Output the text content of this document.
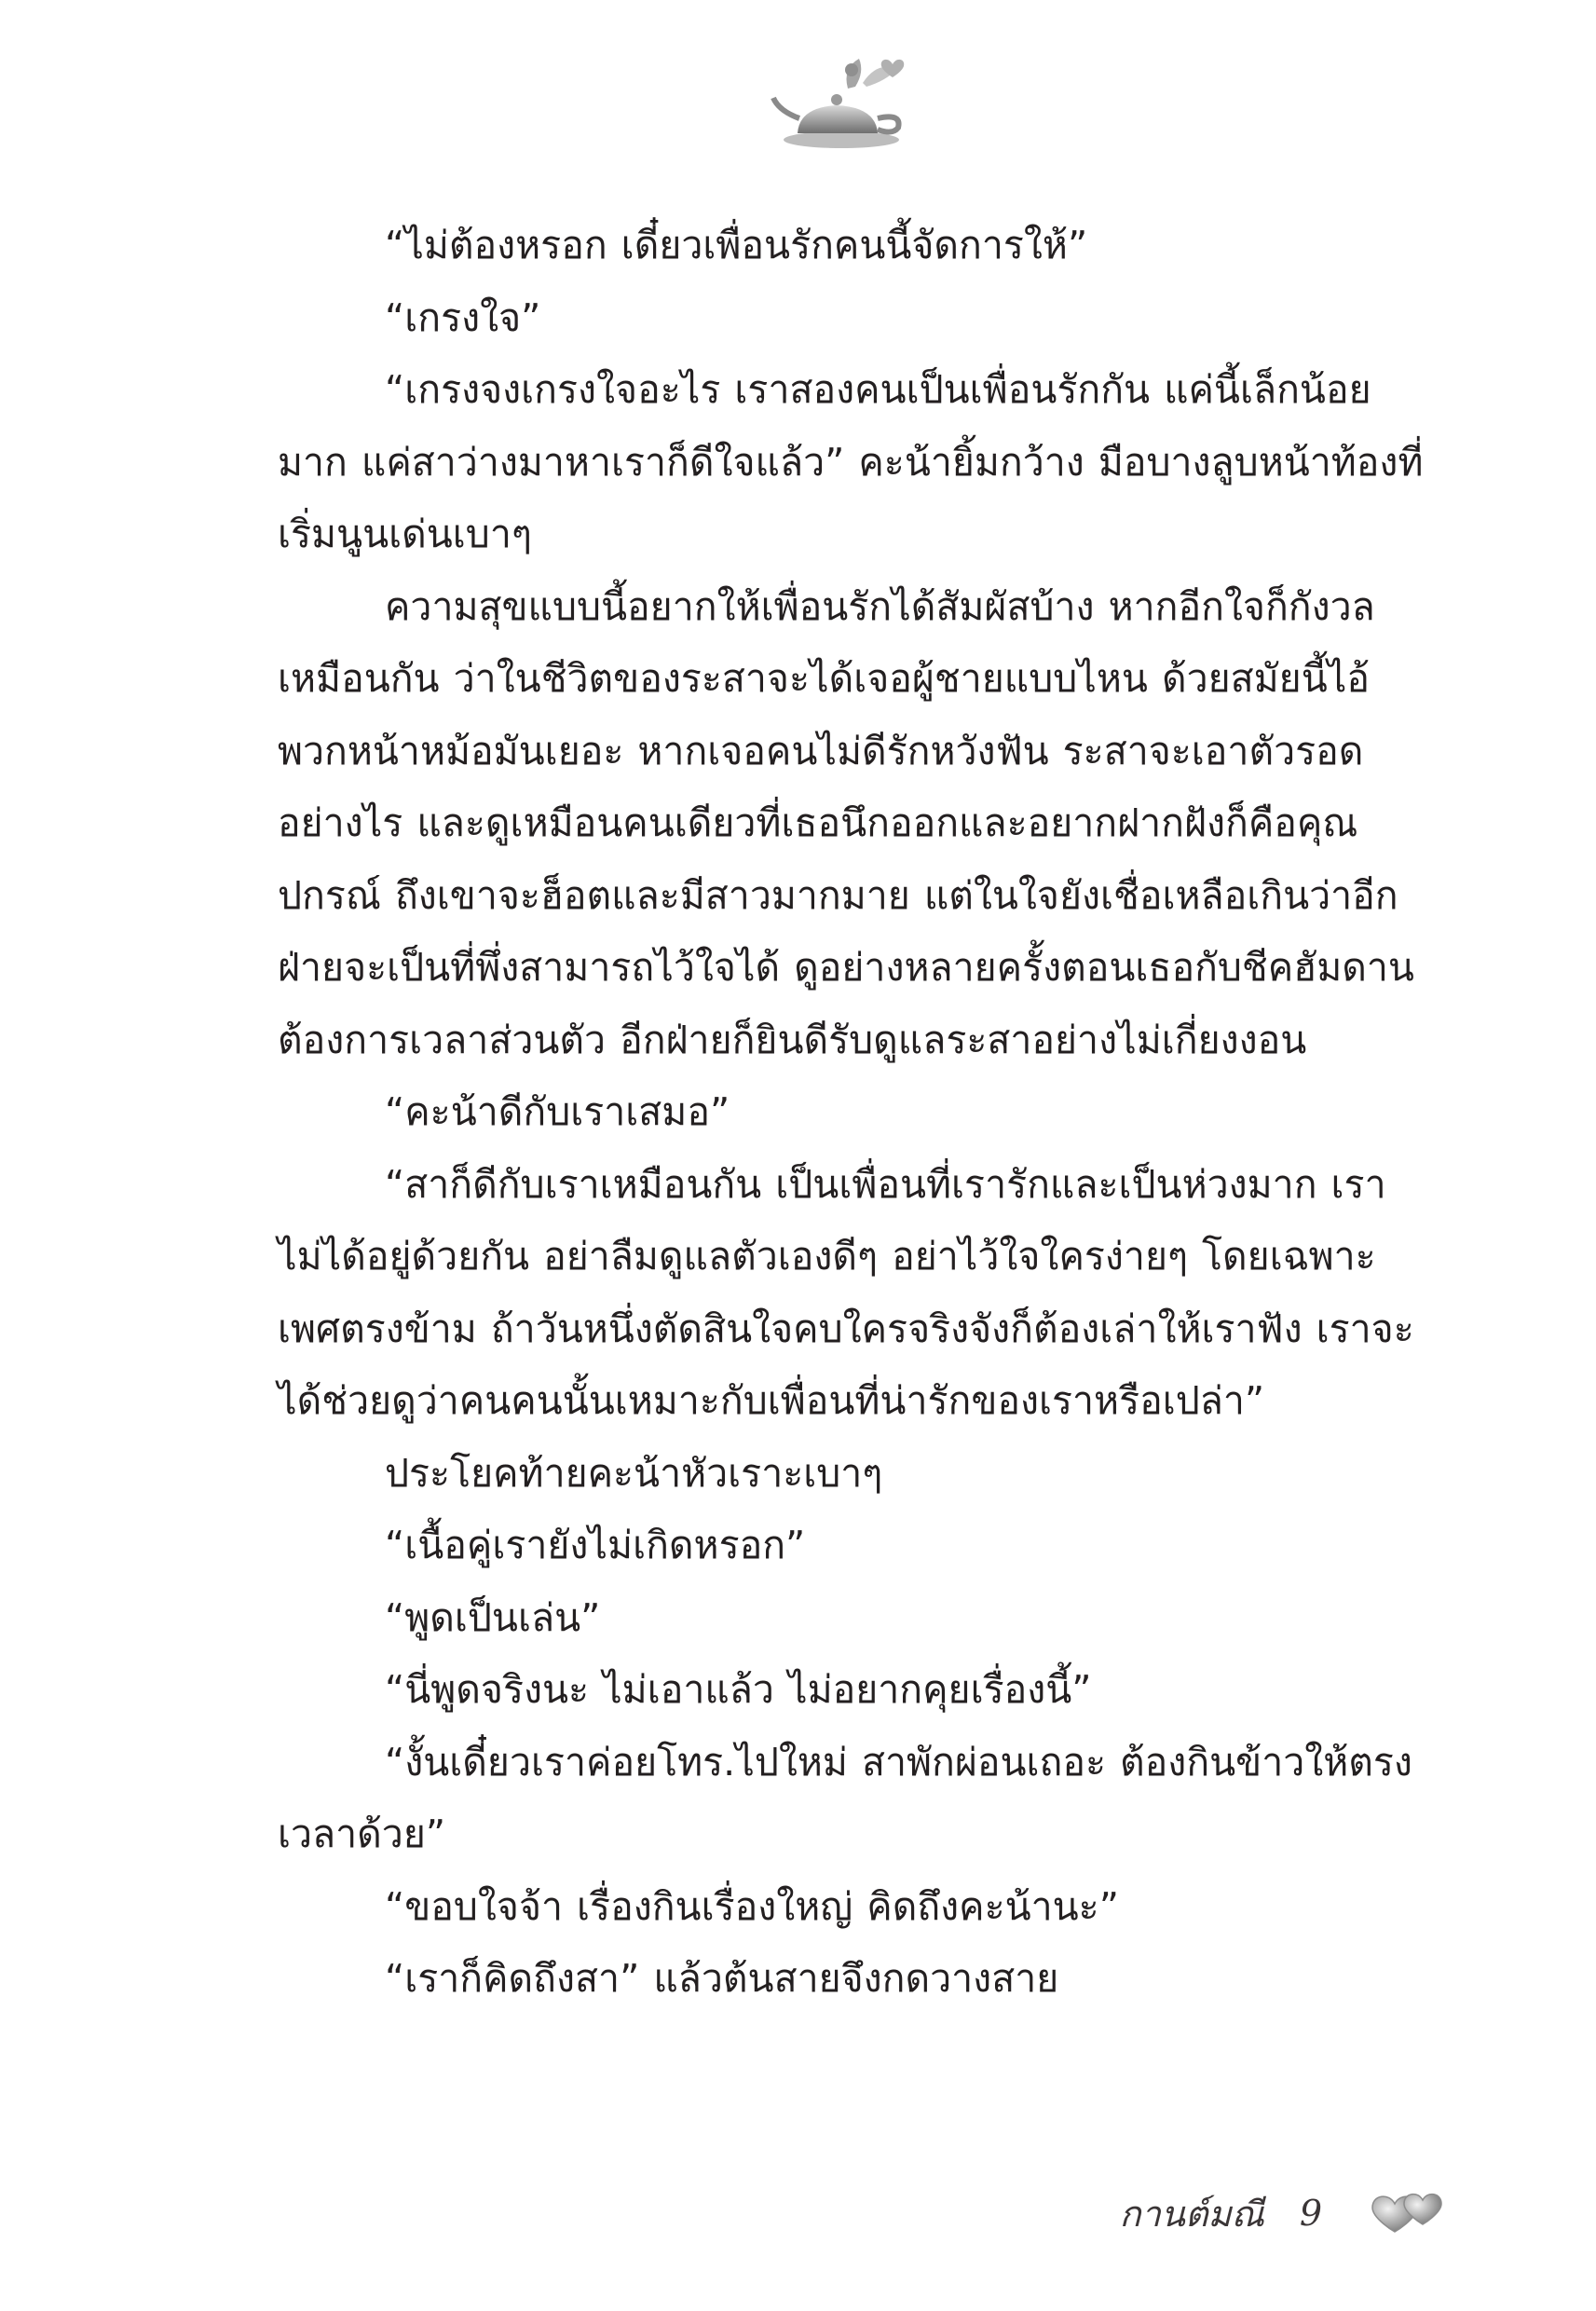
“ไม่ต้องหรอก เดี๋ยวเพื่อนรักคนนี้จัดการให้”

“เกรงใจ”

“เกรงจงเกรงใจอะไร เราสองคนเป็นเพื่อนรักกัน แค่นี้เล็กน้อยมาก แค่สาว่างมาหาเราก็ดีใจแล้ว” คะน้ายิ้มกว้าง มือบางลูบหน้าท้องที่เริ่มนูนเด่นเบาๆ

ความสุขแบบนี้อยากให้เพื่อนรักได้สัมผัสบ้าง หากอีกใจก็กังวลเหมือนกัน ว่าในชีวิตของระสาจะได้เจอผู้ชายแบบไหน ด้วยสมัยนี้ไอ้พวกหน้าหม้อมันเยอะ หากเจอคนไม่ดีรักหวังฟัน ระสาจะเอาตัวรอดอย่างไร และดูเหมือนคนเดียวที่เธอนึกออกและอยากฝากฝังก็คือคุณปกรณ์ ถึงเขาจะฮ็อตและมีสาวมากมาย แต่ในใจยังเชื่อเหลือเกินว่าอีกฝ่ายจะเป็นที่พึ่งสามารถไว้ใจได้ ดูอย่างหลายครั้งตอนเธอกับชีคฮัมดานต้องการเวลาส่วนตัว อีกฝ่ายก็ยินดีรับดูแลระสาอย่างไม่เกี่ยงงอน

“คะน้าดีกับเราเสมอ”

“สาก็ดีกับเราเหมือนกัน เป็นเพื่อนที่เรารักและเป็นห่วงมาก เราไม่ได้อยู่ด้วยกัน อย่าลืมดูแลตัวเองดีๆ อย่าไว้ใจใครง่ายๆ โดยเฉพาะเพศตรงข้าม ถ้าวันหนึ่งตัดสินใจคบใครจริงจังก็ต้องเล่าให้เราฟัง เราจะได้ช่วยดูว่าคนคนนั้นเหมาะกับเพื่อนที่น่ารักของเราหรือเปล่า”

ประโยคท้ายคะน้าหัวเราะเบาๆ

“เนื้อคู่เรายังไม่เกิดหรอก”

“พูดเป็นเล่น”

“นี่พูดจริงนะ ไม่เอาแล้ว ไม่อยากคุยเรื่องนี้”

“งั้นเดี๋ยวเราค่อยโทร.ไปใหม่ สาพักผ่อนเถอะ ต้องกินข้าวให้ตรงเวลาด้วย”

“ขอบใจจ้า เรื่องกินเรื่องใหญ่ คิดถึงคะน้านะ”

“เราก็คิดถึงสา” แล้วต้นสายจึงกดวางสาย

กานต์มณี 9
